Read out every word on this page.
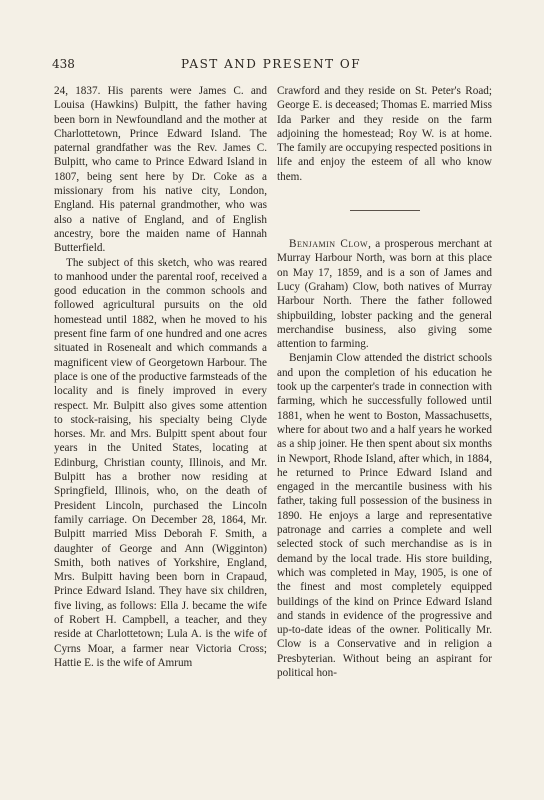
438	PAST AND PRESENT OF

24, 1837. His parents were James C. and Louisa (Hawkins) Bulpitt, the father having been born in Newfoundland and the mother at Charlottetown, Prince Edward Island. The paternal grandfather was the Rev. James C. Bulpitt, who came to Prince Edward Island in 1807, being sent here by Dr. Coke as a missionary from his native city, London, England. His paternal grandmother, who was also a native of England, and of English ancestry, bore the maiden name of Hannah Butterfield.

The subject of this sketch, who was reared to manhood under the parental roof, received a good education in the common schools and followed agricultural pursuits on the old homestead until 1882, when he moved to his present fine farm of one hundred and one acres situated in Rosenealt and which commands a magnificent view of Georgetown Harbour. The place is one of the productive farmsteads of the locality and is finely improved in every respect. Mr. Bulpitt also gives some attention to stock-raising, his specialty being Clyde horses. Mr. and Mrs. Bulpitt spent about four years in the United States, locating at Edinburg, Christian county, Illinois, and Mr. Bulpitt has a brother now residing at Springfield, Illinois, who, on the death of President Lincoln, purchased the Lincoln family carriage. On December 28, 1864, Mr. Bulpitt married Miss Deborah F. Smith, a daughter of George and Ann (Wigginton) Smith, both natives of Yorkshire, England, Mrs. Bulpitt having been born in Crapaud, Prince Edward Island. They have six children, five living, as follows: Ella J. became the wife of Robert H. Campbell, a teacher, and they reside at Charlottetown; Lula A. is the wife of Cyrns Moar, a farmer near Victoria Cross; Hattie E. is the wife of Amrum

Crawford and they reside on St. Peter's Road; George E. is deceased; Thomas E. married Miss Ida Parker and they reside on the farm adjoining the homestead; Roy W. is at home. The family are occupying respected positions in life and enjoy the esteem of all who know them.

Benjamin Clow, a prosperous merchant at Murray Harbour North, was born at this place on May 17, 1859, and is a son of James and Lucy (Graham) Clow, both natives of Murray Harbour North. There the father followed shipbuilding, lobster packing and the general merchandise business, also giving some attention to farming.

Benjamin Clow attended the district schools and upon the completion of his education he took up the carpenter's trade in connection with farming, which he successfully followed until 1881, when he went to Boston, Massachusetts, where for about two and a half years he worked as a ship joiner. He then spent about six months in Newport, Rhode Island, after which, in 1884, he returned to Prince Edward Island and engaged in the mercantile business with his father, taking full possession of the business in 1890. He enjoys a large and representative patronage and carries a complete and well selected stock of such merchandise as is in demand by the local trade. His store building, which was completed in May, 1905, is one of the finest and most completely equipped buildings of the kind on Prince Edward Island and stands in evidence of the progressive and up-to-date ideas of the owner. Politically Mr. Clow is a Conservative and in religion a Presbyterian. Without being an aspirant for political hon-
